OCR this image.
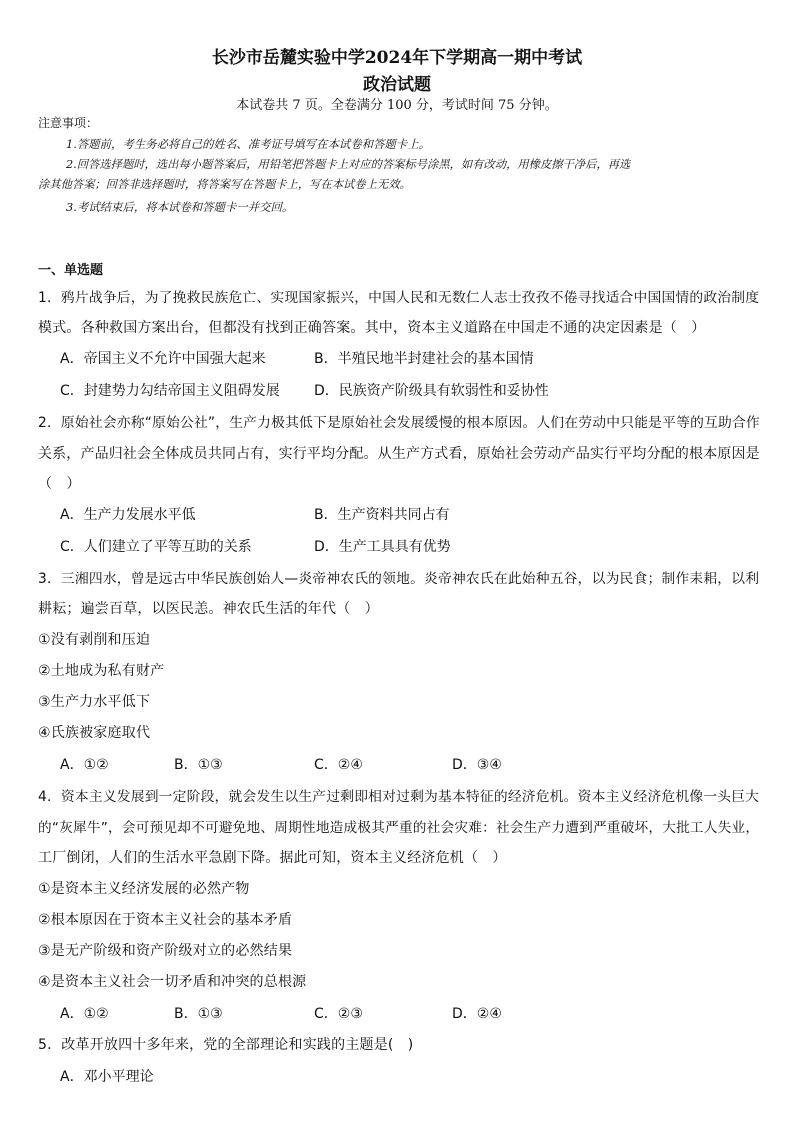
长沙市岳麓实验中学2024年下学期高一期中考试
政治试题
本试卷共 7 页。全卷满分 100 分，考试时间 75 分钟。
注意事项：
1.答题前，考生务必将自己的姓名、准考证号填写在本试卷和答题卡上。
2.回答选择题时，选出每小题答案后，用铅笔把答题卡上对应的答案标号涂黑，如有改动，用橡皮擦干净后，再选
涂其他答案；回答非选择题时，将答案写在答题卡上，写在本试卷上无效。
3.考试结束后，将本试卷和答题卡一并交回。
一、单选题
1．鸦片战争后，为了挽救民族危亡、实现国家振兴，中国人民和无数仁人志士孜孜不倦寻找适合中国国情的政治制度
模式。各种救国方案出台，但都没有找到正确答案。其中，资本主义道路在中国走不通的决定因素是（　）
A．帝国主义不允许中国强大起来	B．半殖民地半封建社会的基本国情
C．封建势力勾结帝国主义阻碍发展 D．民族资产阶级具有软弱性和妥协性
2．原始社会亦称“原始公社”，生产力极其低下是原始社会发展缓慢的根本原因。人们在劳动中只能是平等的互助合作
关系，产品归社会全体成员共同占有，实行平均分配。从生产方式看，原始社会劳动产品实行平均分配的根本原因是
（　）
A．生产力发展水平低	B．生产资料共同占有
C．人们建立了平等互助的关系	D．生产工具具有优势
3．三湘四水，曾是远古中华民族创始人—炎帝神农氏的领地。炎帝神农氏在此始种五谷，以为民食；制作耒耜，以利
耕耘；遍尝百草，以医民恙。神农氏生活的年代（　）
①没有剥削和压迫
②土地成为私有财产
③生产力水平低下
④氏族被家庭取代
A．①②	B．①③	C．②④	D．③④
4．资本主义发展到一定阶段，就会发生以生产过剩即相对过剩为基本特征的经济危机。资本主义经济危机像一头巨大
的“灰犀牛”，会可预见却不可避免地、周期性地造成极其严重的社会灾难：社会生产力遭到严重破坏，大批工人失业，
工厂倒闭，人们的生活水平急剧下降。据此可知，资本主义经济危机（　）
①是资本主义经济发展的必然产物
②根本原因在于资本主义社会的基本矛盾
③是无产阶级和资产阶级对立的必然结果
④是资本主义社会一切矛盾和冲突的总根源
A．①②	B．①③	C．②③	D．②④
5．改革开放四十多年来，党的全部理论和实践的主题是(　)
A．邓小平理论
